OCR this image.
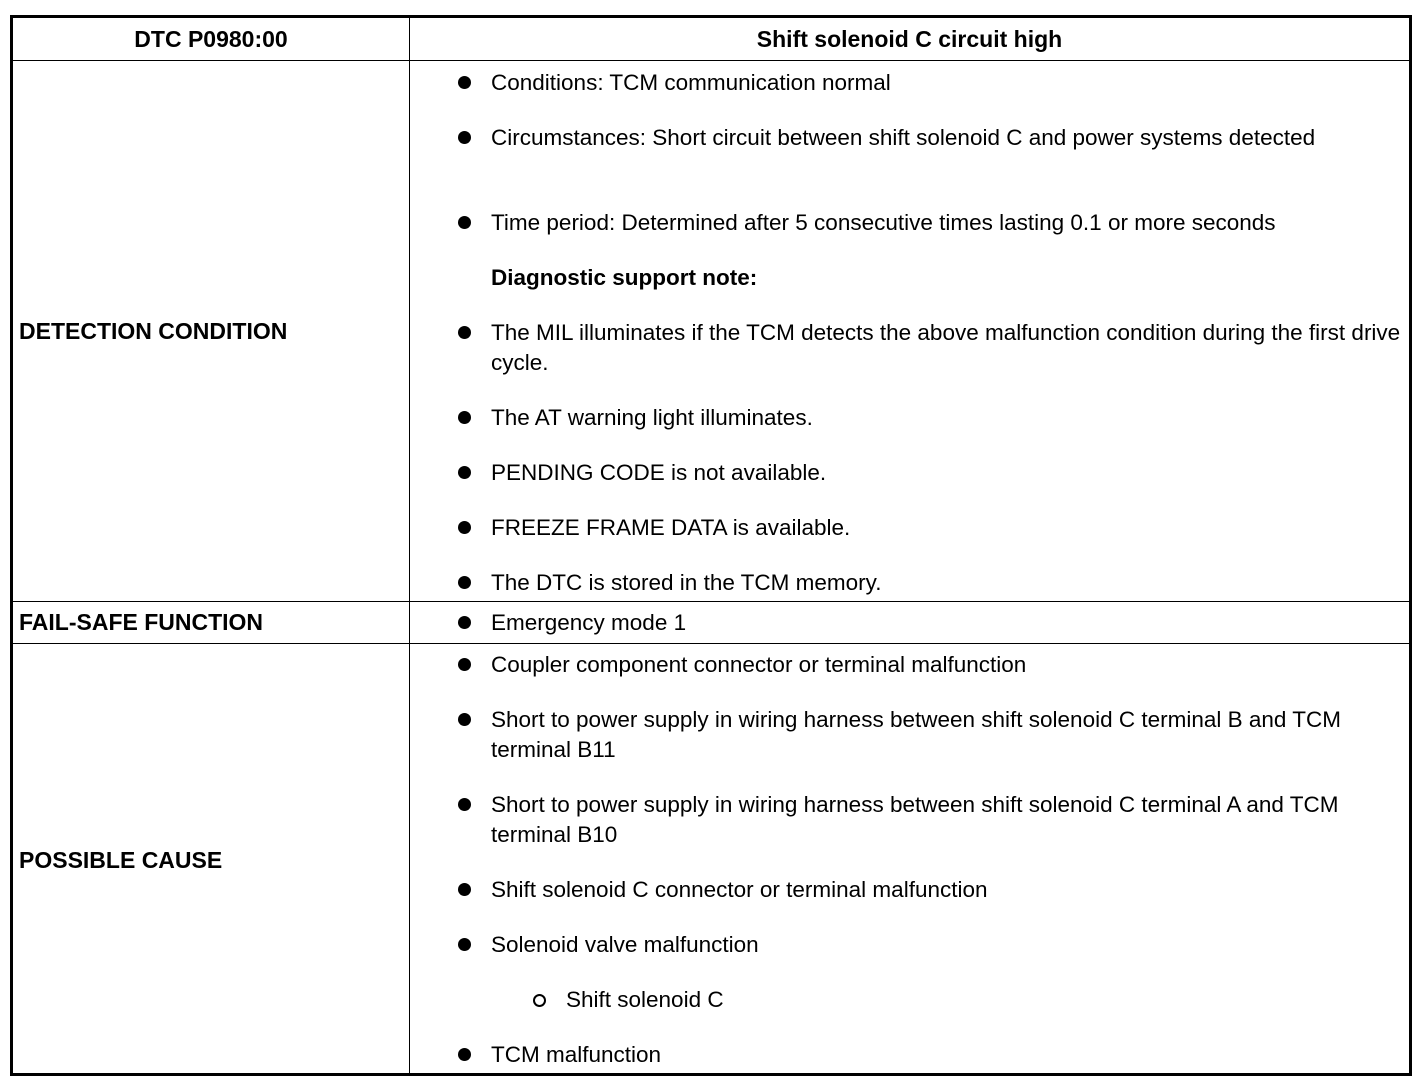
DTC P0980:00	Shift solenoid C circuit high
DETECTION CONDITION
Conditions: TCM communication normal
Circumstances: Short circuit between shift solenoid C and power systems detected
Time period: Determined after 5 consecutive times lasting 0.1 or more seconds
Diagnostic support note:
The MIL illuminates if the TCM detects the above malfunction condition during the first drive cycle.
The AT warning light illuminates.
PENDING CODE is not available.
FREEZE FRAME DATA is available.
The DTC is stored in the TCM memory.
FAIL-SAFE FUNCTION	Emergency mode 1
POSSIBLE CAUSE
Coupler component connector or terminal malfunction
Short to power supply in wiring harness between shift solenoid C terminal B and TCM terminal B11
Short to power supply in wiring harness between shift solenoid C terminal A and TCM terminal B10
Shift solenoid C connector or terminal malfunction
Solenoid valve malfunction
Shift solenoid C
TCM malfunction
